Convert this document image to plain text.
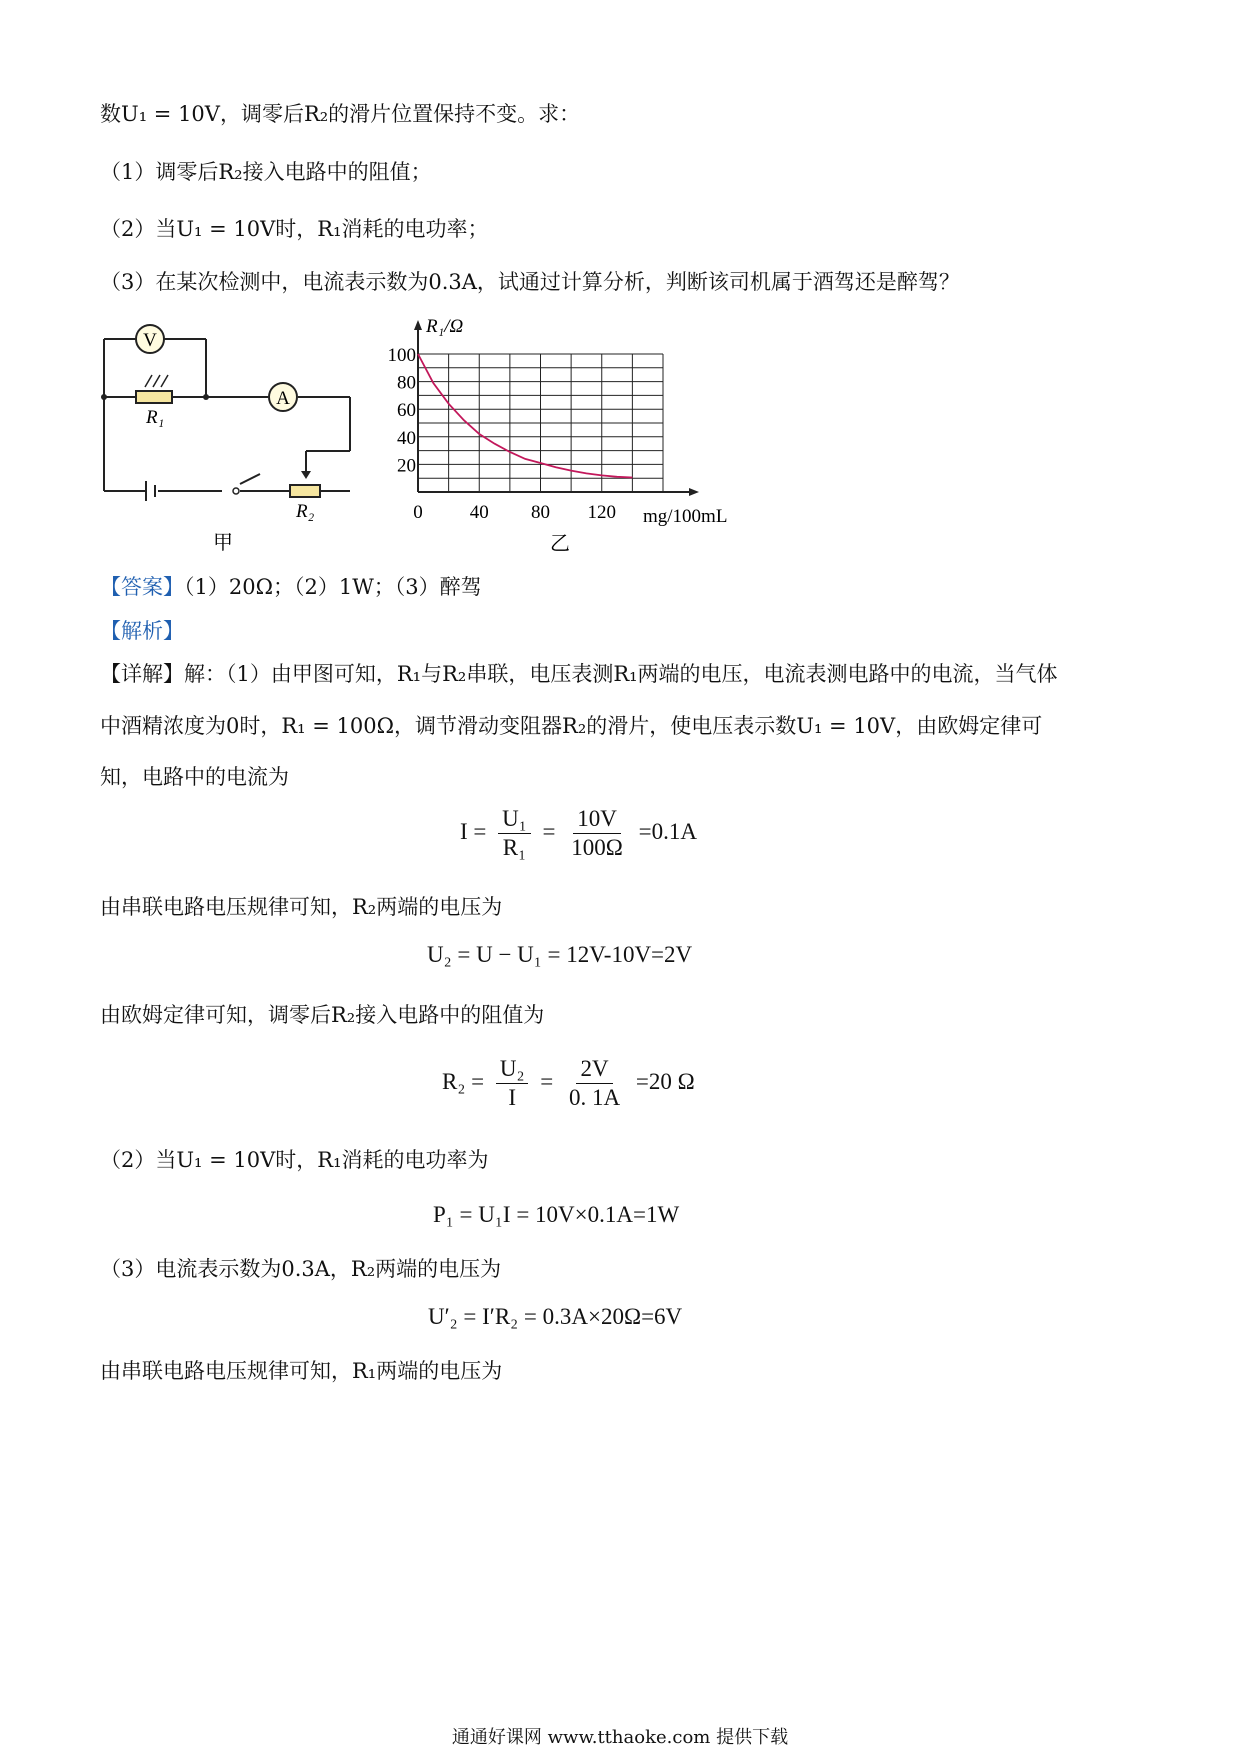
数U₁ = 10V，调零后R₂的滑片位置保持不变。求：
（1）调零后R₂接入电路中的阻值；
（2）当U₁ = 10V时，R₁消耗的电功率；
（3）在某次检测中，电流表示数为0.3A，试通过计算分析，判断该司机属于酒驾还是醉驾？
V
A
R₁
R₂
甲
0 40 80 120
20
40
60
80
100
R₁/Ω
mg/100mL
乙
【答案】（1）20Ω；（2）1W；（3）醉驾
【解析】
【详解】解：（1）由甲图可知，R₁与R₂串联，电压表测R₁两端的电压，电流表测电路中的电流，当气体
中酒精浓度为0时，R₁ = 100Ω，调节滑动变阻器R₂的滑片，使电压表示数U₁ = 10V，由欧姆定律可
知，电路中的电流为
$I = \frac{\text{U₁}}{\text{R₁}} = \frac{10V}{100\Omega} =0.1A$
由串联电路电压规律可知，R₂两端的电压为
U₂ = U − U₁ = 12V-10V=2V
由欧姆定律可知，调零后R₂接入电路中的阻值为
$R_2 = \frac{\text{U₂}}{I} = \frac{2V}{0. 1A} =20$ Ω
（2）当U₁ = 10V时，R₁消耗的电功率为
P₁ = U₁I = 10V×0.1A=1W
（3）电流表示数为0.3A，R₂两端的电压为
U′₂ = I′R₂ = 0.3A×20Ω=6V
由串联电路电压规律可知，R₁两端的电压为
通通好课网 www.tthaoke.com 提供下载
